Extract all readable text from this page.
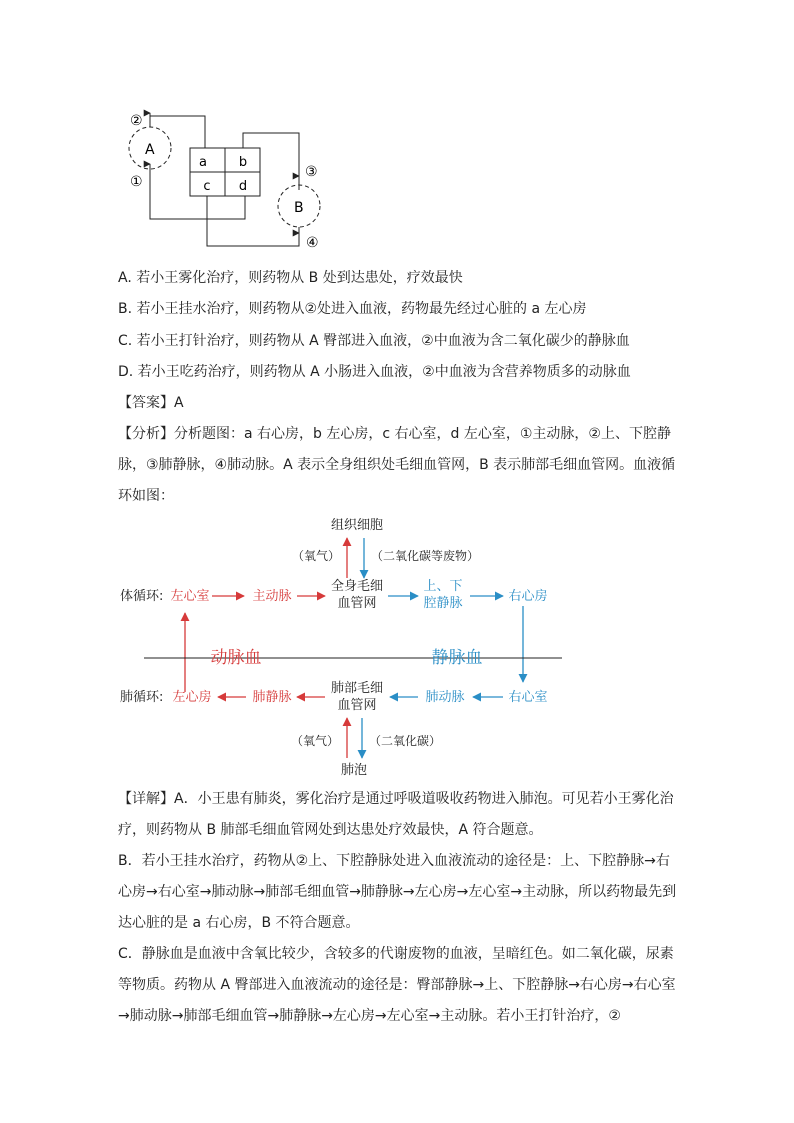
②
①
③
④
A
B
a b
c d
A. 若小王雾化治疗，则药物从 B 处到达患处，疗效最快
B. 若小王挂水治疗，则药物从②处进入血液，药物最先经过心脏的 a 左心房
C. 若小王打针治疗，则药物从 A 臀部进入血液，②中血液为含二氧化碳少的静脉血
D. 若小王吃药治疗，则药物从 A 小肠进入血液，②中血液为含营养物质多的动脉血
【答案】A
【分析】分析题图：a 右心房，b 左心房，c 右心室，d 左心室，①主动脉，②上、下腔静脉，③肺静脉，④肺动脉。A 表示全身组织处毛细血管网，B 表示肺部毛细血管网。血液循环如图：
组织细胞
（氧气）	（二氧化碳等废物）
体循环: 左心室	主动脉
全身毛细
血管网
上、下
腔静脉	右心房
动脉血	静脉血
肺循环: 左心房	肺静脉
肺部毛细
血管网
肺动脉	右心室
（氧气）	（二氧化碳）
肺泡
【详解】A．小王患有肺炎，雾化治疗是通过呼吸道吸收药物进入肺泡。可见若小王雾化治疗，则药物从 B 肺部毛细血管网处到达患处疗效最快，A 符合题意。
B．若小王挂水治疗，药物从②上、下腔静脉处进入血液流动的途径是：上、下腔静脉→右心房→右心室→肺动脉→肺部毛细血管→肺静脉→左心房→左心室→主动脉，所以药物最先到达心脏的是 a 右心房，B 不符合题意。
C．静脉血是血液中含氧比较少，含较多的代谢废物的血液，呈暗红色。如二氧化碳，尿素等物质。药物从 A 臀部进入血液流动的途径是：臀部静脉→上、下腔静脉→右心房→右心室→肺动脉→肺部毛细血管→肺静脉→左心房→左心室→主动脉。若小王打针治疗，②
